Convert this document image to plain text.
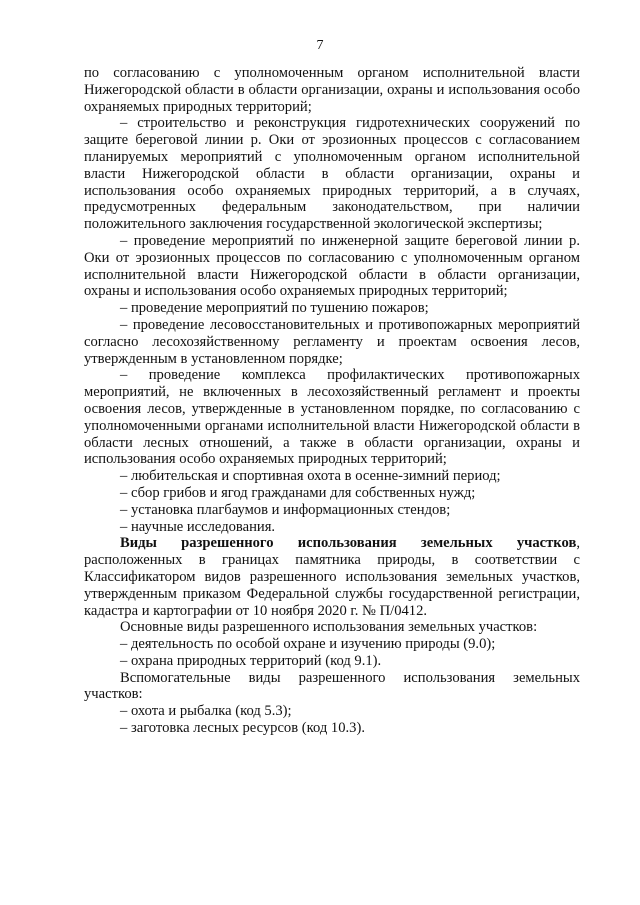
7

по согласованию с уполномоченным органом исполнительной власти Нижегородской области в области организации, охраны и использования особо охраняемых природных территорий;

– строительство и реконструкция гидротехнических сооружений по защите береговой линии р. Оки от эрозионных процессов с согласованием планируемых мероприятий с уполномоченным органом исполнительной власти Нижегородской области в области организации, охраны и использования особо охраняемых природных территорий, а в случаях, предусмотренных федеральным законодательством, при наличии положительного заключения государственной экологической экспертизы;

– проведение мероприятий по инженерной защите береговой линии р. Оки от эрозионных процессов по согласованию с уполномоченным органом исполнительной власти Нижегородской области в области организации, охраны и использования особо охраняемых природных территорий;

– проведение мероприятий по тушению пожаров;

– проведение лесовосстановительных и противопожарных мероприятий согласно лесохозяйственному регламенту и проектам освоения лесов, утвержденным в установленном порядке;

– проведение комплекса профилактических противопожарных мероприятий, не включенных в лесохозяйственный регламент и проекты освоения лесов, утвержденные в установленном порядке, по согласованию с уполномоченными органами исполнительной власти Нижегородской области в области лесных отношений, а также в области организации, охраны и использования особо охраняемых природных территорий;

– любительская и спортивная охота в осенне-зимний период;

– сбор грибов и ягод гражданами для собственных нужд;

– установка плагбаумов и информационных стендов;

– научные исследования.

Виды разрешенного использования земельных участков, расположенных в границах памятника природы, в соответствии с Классификатором видов разрешенного использования земельных участков, утвержденным приказом Федеральной службы государственной регистрации, кадастра и картографии от 10 ноября 2020 г. № П/0412.

Основные виды разрешенного использования земельных участков:

– деятельность по особой охране и изучению природы (9.0);

– охрана природных территорий (код 9.1).

Вспомогательные виды разрешенного использования земельных участков:

– охота и рыбалка (код 5.3);

– заготовка лесных ресурсов (код 10.3).
